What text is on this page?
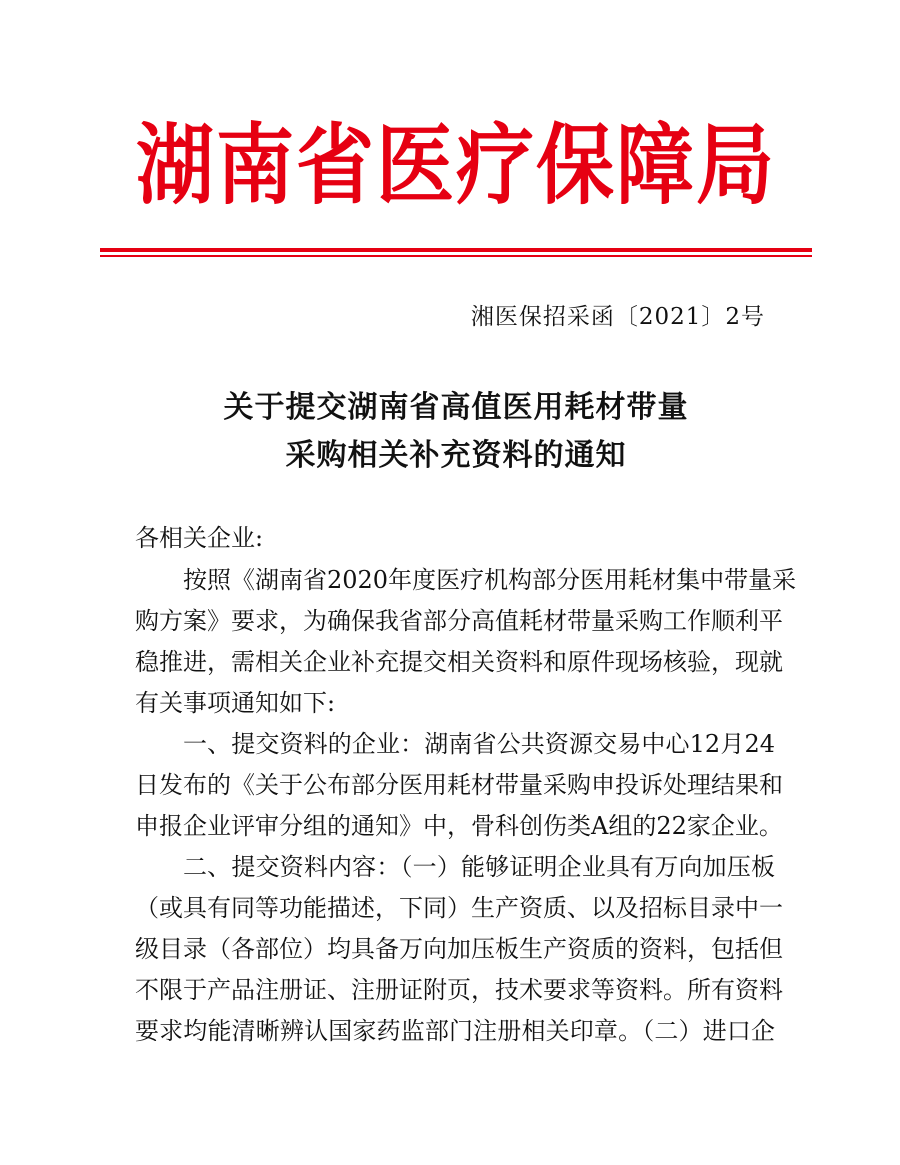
湖南省医疗保障局
湘医保招采函〔2021〕2号
关于提交湖南省高值医用耗材带量
采购相关补充资料的通知
各相关企业:
按照《湖南省2020年度医疗机构部分医用耗材集中带量采
购方案》要求，为确保我省部分高值耗材带量采购工作顺利平
稳推进，需相关企业补充提交相关资料和原件现场核验，现就
有关事项通知如下:
一、提交资料的企业：湖南省公共资源交易中心12月24
日发布的《关于公布部分医用耗材带量采购申投诉处理结果和
申报企业评审分组的通知》中，骨科创伤类A组的22家企业。
二、提交资料内容：（一）能够证明企业具有万向加压板
（或具有同等功能描述，下同）生产资质、以及招标目录中一
级目录（各部位）均具备万向加压板生产资质的资料，包括但
不限于产品注册证、注册证附页，技术要求等资料。所有资料
要求均能清晰辨认国家药监部门注册相关印章。（二）进口企
